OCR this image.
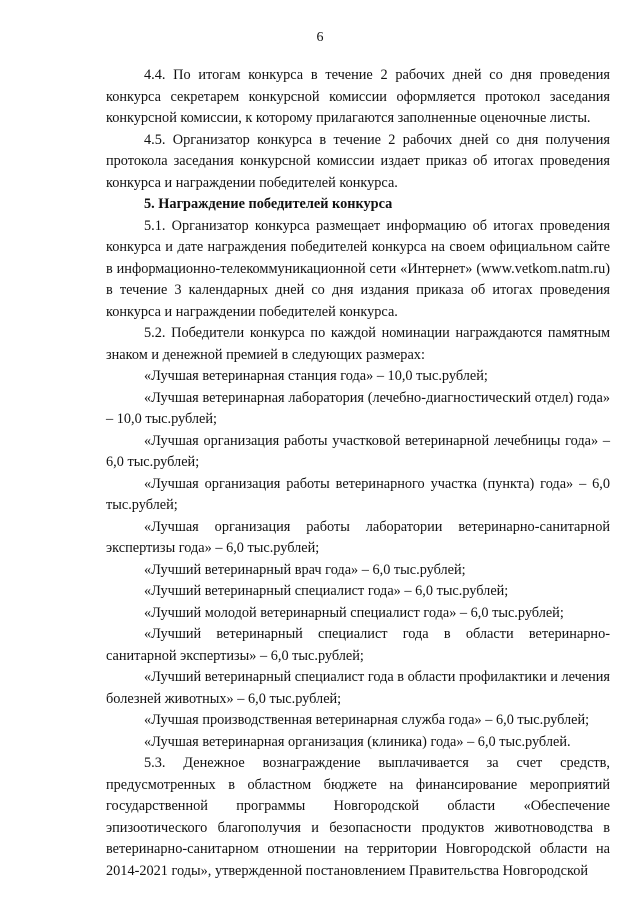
6

4.4. По итогам конкурса в течение 2 рабочих дней со дня проведения конкурса секретарем конкурсной комиссии оформляется протокол заседания конкурсной комиссии, к которому прилагаются заполненные оценочные листы.

4.5. Организатор конкурса в течение 2 рабочих дней со дня получения протокола заседания конкурсной комиссии издает приказ об итогах проведения конкурса и награждении победителей конкурса.

5. Награждение победителей конкурса

5.1. Организатор конкурса размещает информацию об итогах проведения конкурса и дате награждения победителей конкурса на своем официальном сайте в информационно-телекоммуникационной сети «Интернет» (www.vetkom.natm.ru) в течение 3 календарных дней со дня издания приказа об итогах проведения конкурса и награждении победителей конкурса.

5.2. Победители конкурса по каждой номинации награждаются памятным знаком и денежной премией в следующих размерах:

«Лучшая ветеринарная станция года» – 10,0 тыс.рублей;

«Лучшая ветеринарная лаборатория (лечебно-диагностический отдел) года» – 10,0 тыс.рублей;

«Лучшая организация работы участковой ветеринарной лечебницы года» – 6,0 тыс.рублей;

«Лучшая организация работы ветеринарного участка (пункта) года» – 6,0 тыс.рублей;

«Лучшая организация работы лаборатории ветеринарно-санитарной экспертизы года» – 6,0 тыс.рублей;

«Лучший ветеринарный врач года» – 6,0 тыс.рублей;

«Лучший ветеринарный специалист года» – 6,0 тыс.рублей;

«Лучший молодой ветеринарный специалист года» – 6,0 тыс.рублей;

«Лучший ветеринарный специалист года в области ветеринарно-санитарной экспертизы» – 6,0 тыс.рублей;

«Лучший ветеринарный специалист года в области профилактики и лечения болезней животных» – 6,0 тыс.рублей;

«Лучшая производственная ветеринарная служба года» – 6,0 тыс.рублей;

«Лучшая ветеринарная организация (клиника) года» – 6,0 тыс.рублей.

5.3. Денежное вознаграждение выплачивается за счет средств, предусмотренных в областном бюджете на финансирование мероприятий государственной программы Новгородской области «Обеспечение эпизоотического благополучия и безопасности продуктов животноводства в ветеринарно-санитарном отношении на территории Новгородской области на 2014-2021 годы», утвержденной постановлением Правительства Новгородской
